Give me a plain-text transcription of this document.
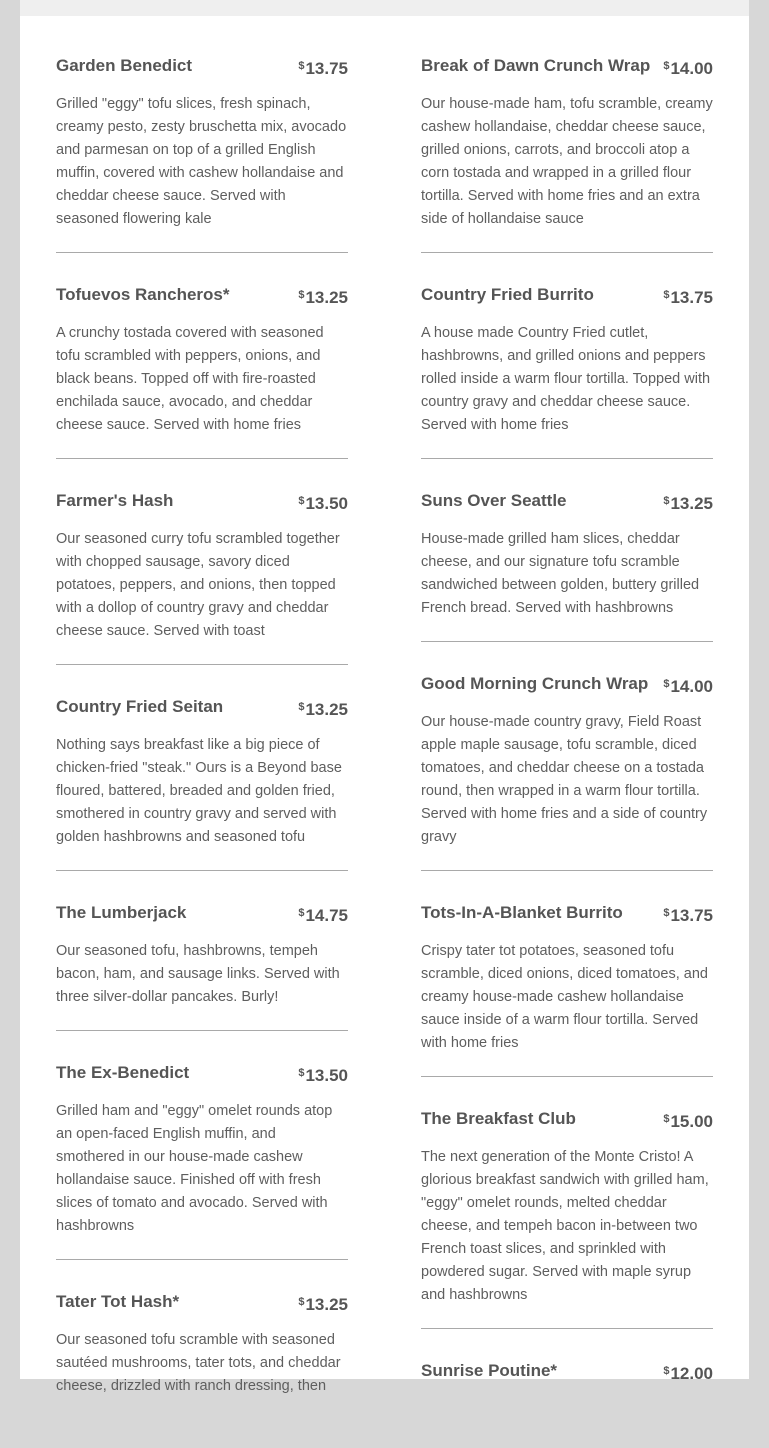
Garden Benedict	$13.75

Grilled "eggy" tofu slices, fresh spinach, creamy pesto, zesty bruschetta mix, avocado and parmesan on top of a grilled English muffin, covered with cashew hollandaise and cheddar cheese sauce. Served with seasoned flowering kale

Tofuevos Rancheros*	$13.25

A crunchy tostada covered with seasoned tofu scrambled with peppers, onions, and black beans. Topped off with fire-roasted enchilada sauce, avocado, and cheddar cheese sauce. Served with home fries

Farmer's Hash	$13.50

Our seasoned curry tofu scrambled together with chopped sausage, savory diced potatoes, peppers, and onions, then topped with a dollop of country gravy and cheddar cheese sauce. Served with toast

Country Fried Seitan	$13.25

Nothing says breakfast like a big piece of chicken-fried "steak." Ours is a Beyond base floured, battered, breaded and golden fried, smothered in country gravy and served with golden hashbrowns and seasoned tofu

The Lumberjack	$14.75

Our seasoned tofu, hashbrowns, tempeh bacon, ham, and sausage links. Served with three silver-dollar pancakes. Burly!

The Ex-Benedict	$13.50

Grilled ham and "eggy" omelet rounds atop an open-faced English muffin, and smothered in our house-made cashew hollandaise sauce. Finished off with fresh slices of tomato and avocado. Served with hashbrowns

Tater Tot Hash*	$13.25

Our seasoned tofu scramble with seasoned sautéed mushrooms, tater tots, and cheddar cheese, drizzled with ranch dressing, then

Break of Dawn Crunch Wrap $14.00

Our house-made ham, tofu scramble, creamy cashew hollandaise, cheddar cheese sauce, grilled onions, carrots, and broccoli atop a corn tostada and wrapped in a grilled flour tortilla. Served with home fries and an extra side of hollandaise sauce

Country Fried Burrito	$13.75

A house made Country Fried cutlet, hashbrowns, and grilled onions and peppers rolled inside a warm flour tortilla. Topped with country gravy and cheddar cheese sauce. Served with home fries

Suns Over Seattle	$13.25

House-made grilled ham slices, cheddar cheese, and our signature tofu scramble sandwiched between golden, buttery grilled French bread. Served with hashbrowns

Good Morning Crunch Wrap $14.00

Our house-made country gravy, Field Roast apple maple sausage, tofu scramble, diced tomatoes, and cheddar cheese on a tostada round, then wrapped in a warm flour tortilla. Served with home fries and a side of country gravy

Tots-In-A-Blanket Burrito	$13.75

Crispy tater tot potatoes, seasoned tofu scramble, diced onions, diced tomatoes, and creamy house-made cashew hollandaise sauce inside of a warm flour tortilla. Served with home fries

The Breakfast Club	$15.00

The next generation of the Monte Cristo! A glorious breakfast sandwich with grilled ham, "eggy" omelet rounds, melted cheddar cheese, and tempeh bacon in-between two French toast slices, and sprinkled with powdered sugar. Served with maple syrup and hashbrowns

Sunrise Poutine*	$12.00
